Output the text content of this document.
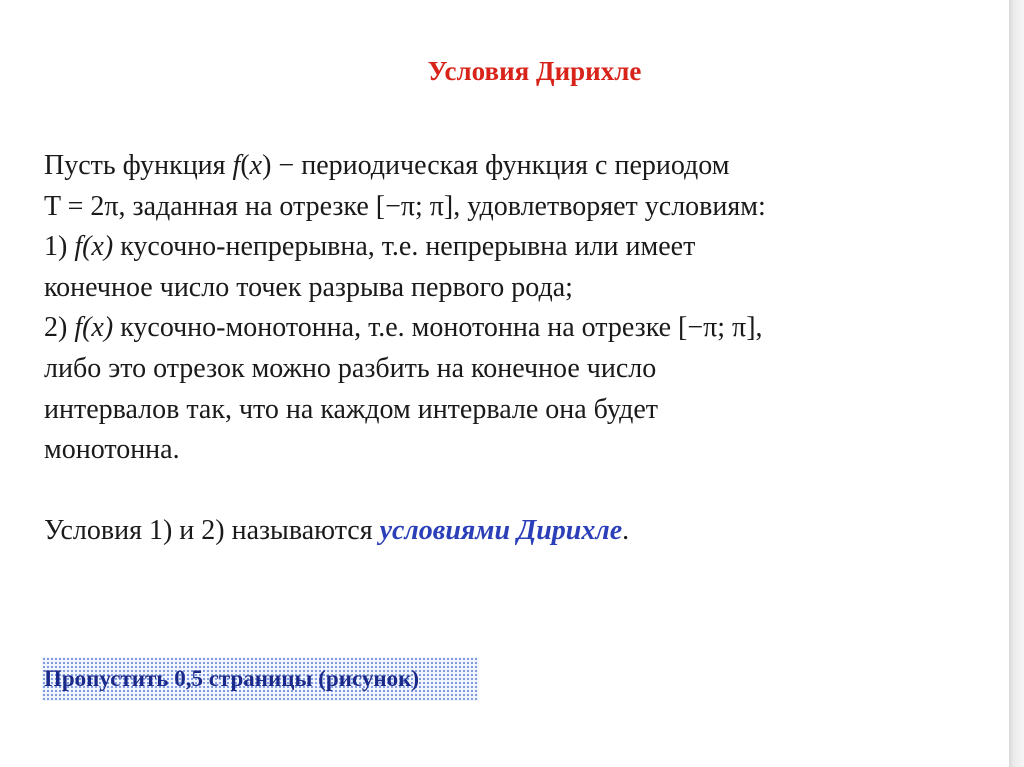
Условия Дирихле
Пусть функция f(x) − периодическая функция с периодом
T = 2π, заданная на отрезке [−π; π], удовлетворяет условиям:
1) f(x) кусочно-непрерывна, т.е. непрерывна или имеет
конечное число точек разрыва первого рода;
2) f(x) кусочно-монотонна, т.е. монотонна на отрезке [−π; π],
либо это отрезок можно разбить на конечное число
интервалов так, что на каждом интервале она будет
монотонна.
Условия 1) и 2) называются условиями Дирихле.
Пропустить 0,5 страницы (рисунок)
